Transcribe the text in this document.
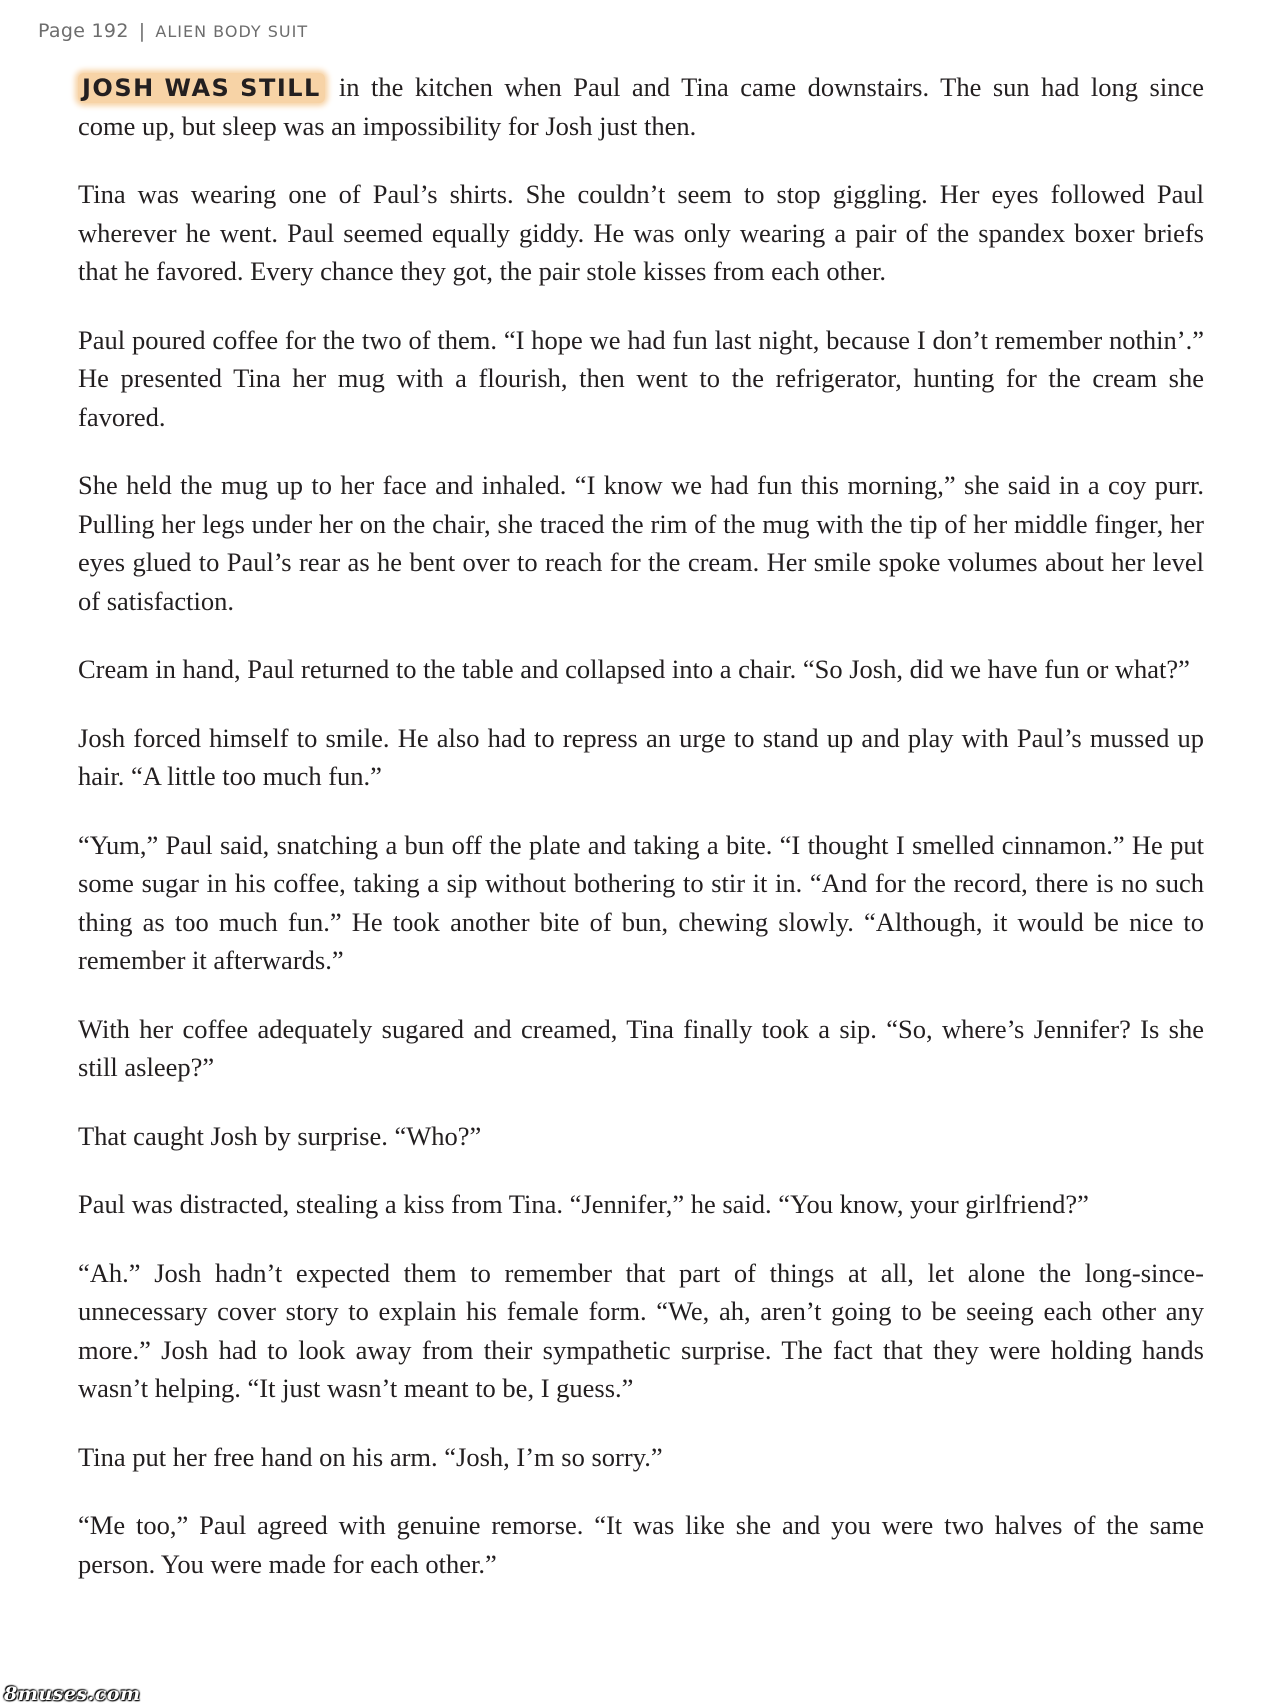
Page 192 | ALIEN BODY SUIT

JOSH WAS STILL in the kitchen when Paul and Tina came downstairs. The sun had long since come up, but sleep was an impossibility for Josh just then.

Tina was wearing one of Paul’s shirts. She couldn’t seem to stop giggling. Her eyes followed Paul wherever he went. Paul seemed equally giddy. He was only wearing a pair of the spandex boxer briefs that he favored. Every chance they got, the pair stole kisses from each other.

Paul poured coffee for the two of them. “I hope we had fun last night, because I don’t remember nothin’.” He presented Tina her mug with a flourish, then went to the refrigerator, hunting for the cream she favored.

She held the mug up to her face and inhaled. “I know we had fun this morning,” she said in a coy purr. Pulling her legs under her on the chair, she traced the rim of the mug with the tip of her middle finger, her eyes glued to Paul’s rear as he bent over to reach for the cream. Her smile spoke volumes about her level of satisfaction.

Cream in hand, Paul returned to the table and collapsed into a chair. “So Josh, did we have fun or what?”

Josh forced himself to smile. He also had to repress an urge to stand up and play with Paul’s mussed up hair. “A little too much fun.”

“Yum,” Paul said, snatching a bun off the plate and taking a bite. “I thought I smelled cinnamon.” He put some sugar in his coffee, taking a sip without bothering to stir it in. “And for the record, there is no such thing as too much fun.” He took another bite of bun, chewing slowly. “Although, it would be nice to remember it afterwards.”

With her coffee adequately sugared and creamed, Tina finally took a sip. “So, where’s Jennifer? Is she still asleep?”

That caught Josh by surprise. “Who?”

Paul was distracted, stealing a kiss from Tina. “Jennifer,” he said. “You know, your girlfriend?”

“Ah.” Josh hadn’t expected them to remember that part of things at all, let alone the long-since-unnecessary cover story to explain his female form. “We, ah, aren’t going to be seeing each other any more.” Josh had to look away from their sympathetic surprise. The fact that they were holding hands wasn’t helping. “It just wasn’t meant to be, I guess.”

Tina put her free hand on his arm. “Josh, I’m so sorry.”

“Me too,” Paul agreed with genuine remorse. “It was like she and you were two halves of the same person. You were made for each other.”

8muses.com
